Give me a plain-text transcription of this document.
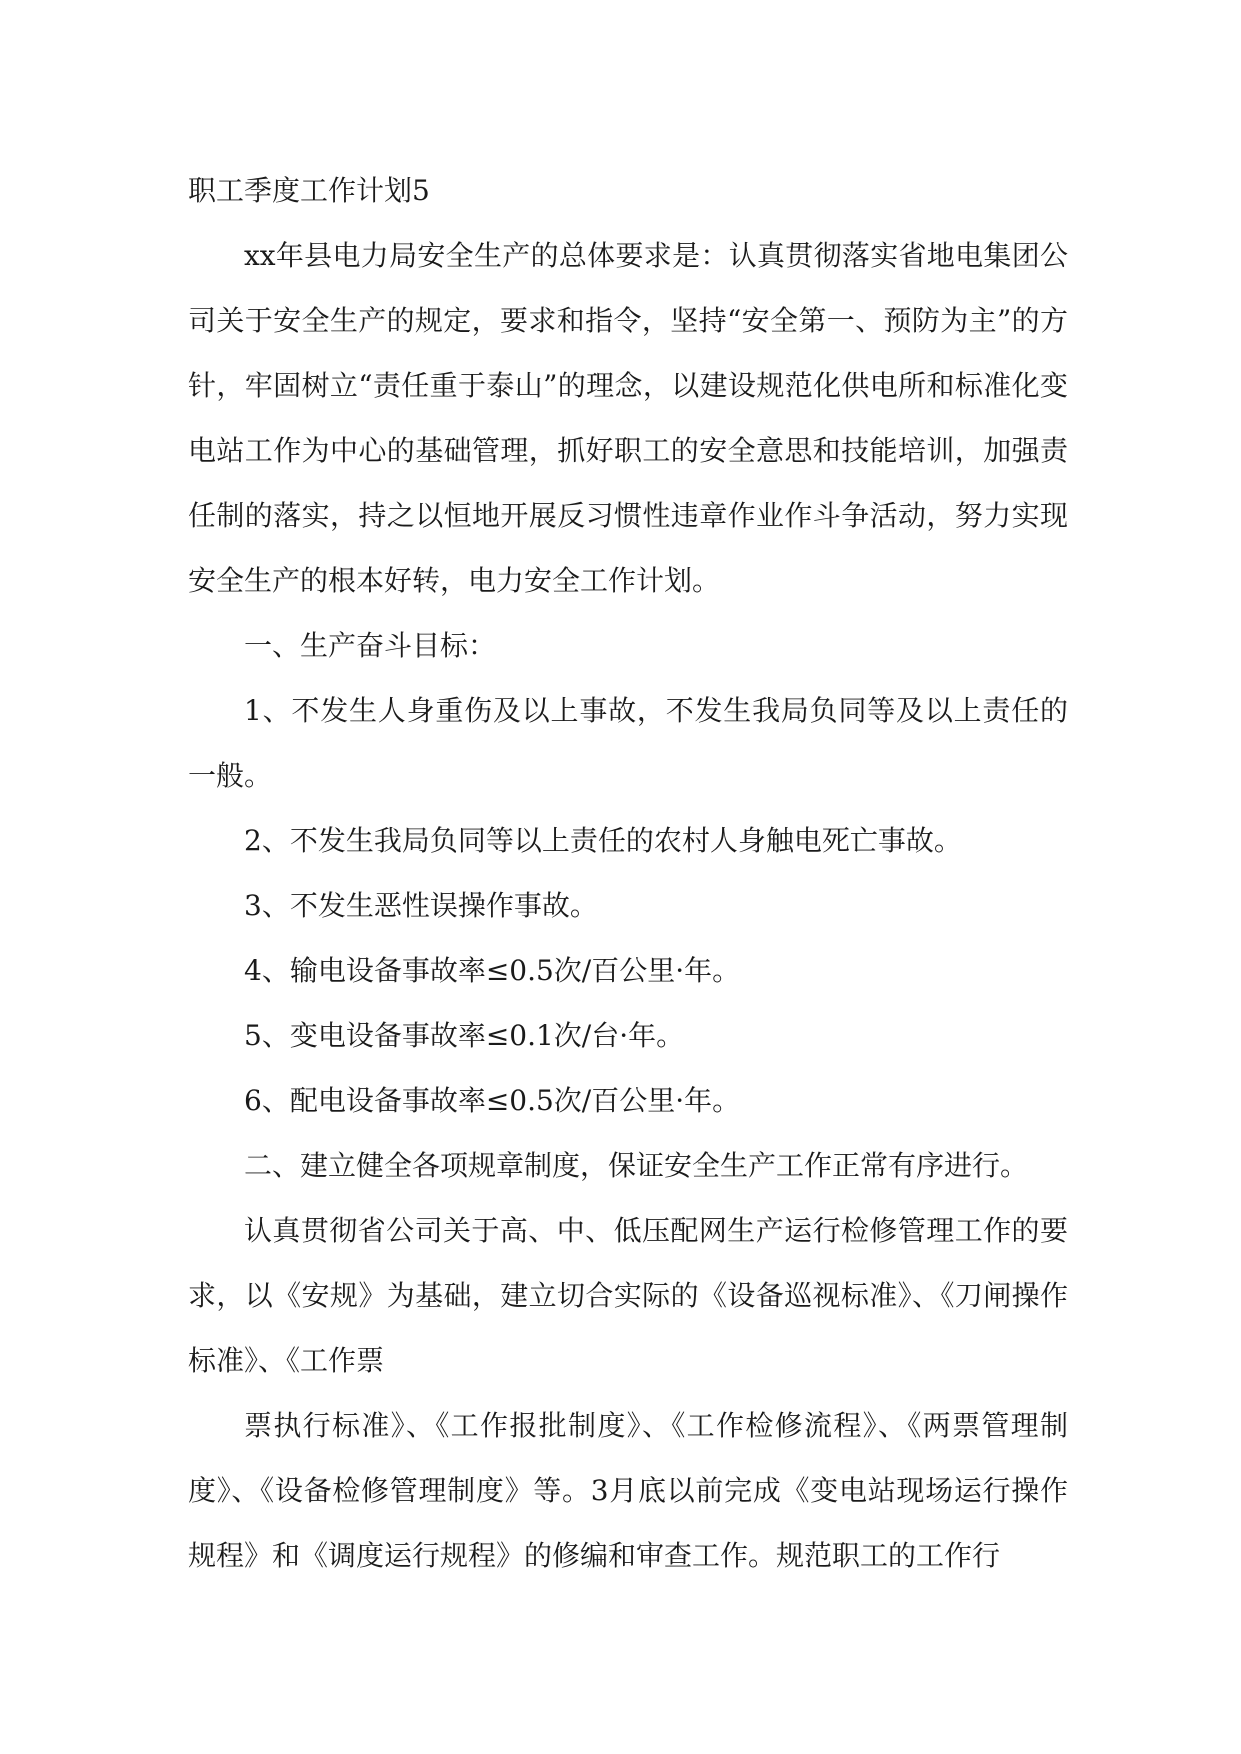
职工季度工作计划5

xx年县电力局安全生产的总体要求是：认真贯彻落实省地电集团公司关于安全生产的规定，要求和指令，坚持“安全第一、预防为主”的方针，牢固树立“责任重于泰山”的理念，以建设规范化供电所和标准化变电站工作为中心的基础管理，抓好职工的安全意思和技能培训，加强责任制的落实，持之以恒地开展反习惯性违章作业作斗争活动，努力实现安全生产的根本好转，电力安全工作计划。

一、生产奋斗目标：

1、不发生人身重伤及以上事故，不发生我局负同等及以上责任的一般。

2、不发生我局负同等以上责任的农村人身触电死亡事故。

3、不发生恶性误操作事故。

4、输电设备事故率≤0.5次/百公里·年。

5、变电设备事故率≤0.1次/台·年。

6、配电设备事故率≤0.5次/百公里·年。

二、建立健全各项规章制度，保证安全生产工作正常有序进行。

认真贯彻省公司关于高、中、低压配网生产运行检修管理工作的要求，以《安规》为基础，建立切合实际的《设备巡视标准》、《刀闸操作标准》、《工作票

票执行标准》、《工作报批制度》、《工作检修流程》、《两票管理制度》、《设备检修管理制度》等。3月底以前完成《变电站现场运行操作规程》和《调度运行规程》的修编和审查工作。规范职工的工作行
